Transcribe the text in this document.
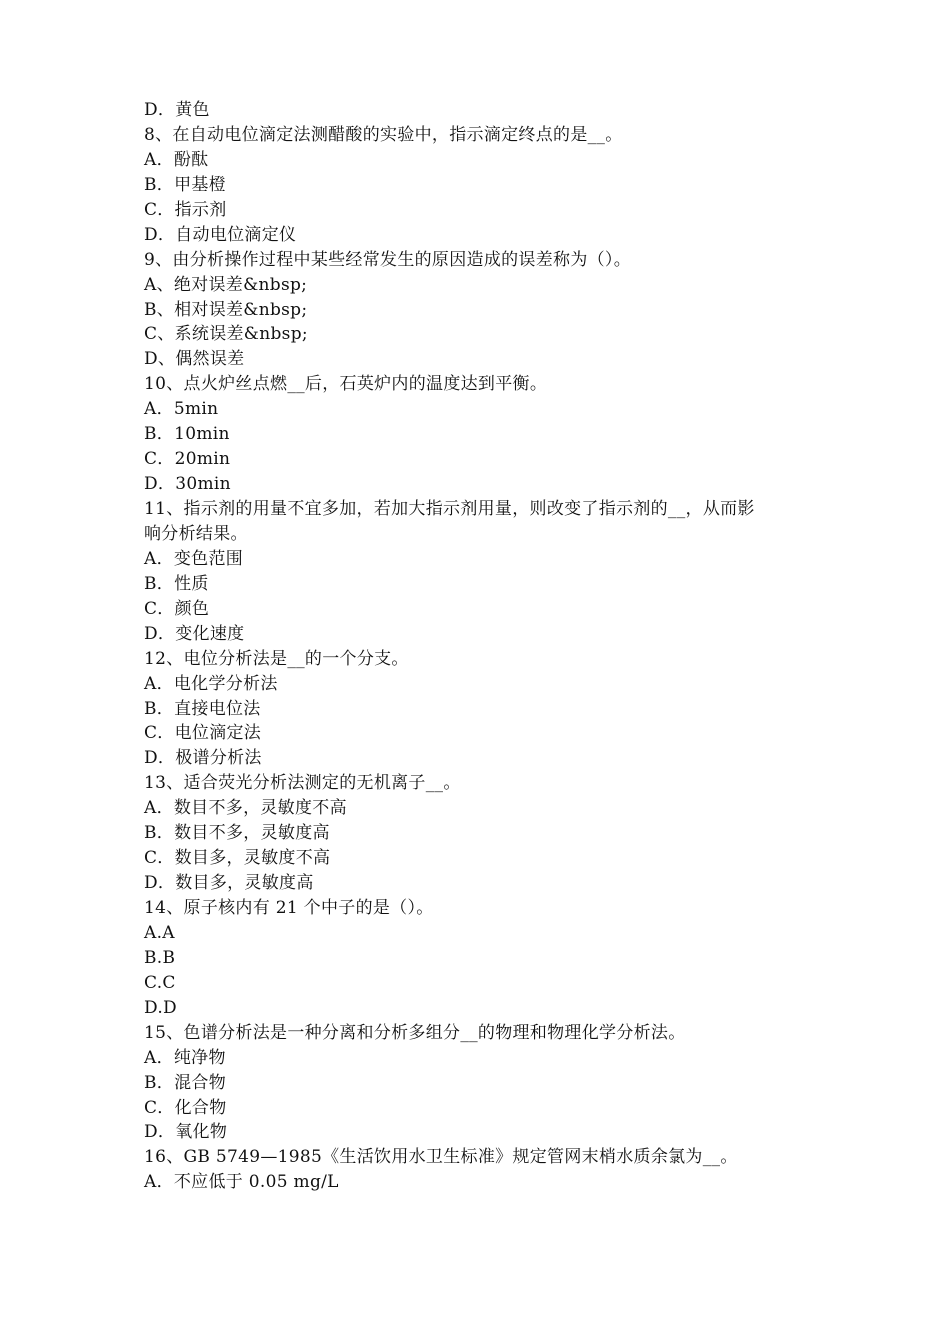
D．黄色
8、在自动电位滴定法测醋酸的实验中，指示滴定终点的是__。
A．酚酞
B．甲基橙
C．指示剂
D．自动电位滴定仪
9、由分析操作过程中某些经常发生的原因造成的误差称为（）。
A、绝对误差&nbsp;
B、相对误差&nbsp;
C、系统误差&nbsp;
D、偶然误差
10、点火炉丝点燃__后，石英炉内的温度达到平衡。
A．5min
B．10min
C．20min
D．30min
11、指示剂的用量不宜多加，若加大指示剂用量，则改变了指示剂的__，从而影
响分析结果。
A．变色范围
B．性质
C．颜色
D．变化速度
12、电位分析法是__的一个分支。
A．电化学分析法
B．直接电位法
C．电位滴定法
D．极谱分析法
13、适合荧光分析法测定的无机离子__。
A．数目不多，灵敏度不高
B．数目不多，灵敏度高
C．数目多，灵敏度不高
D．数目多，灵敏度高
14、原子核内有 21 个中子的是（）。
A.A
B.B
C.C
D.D
15、色谱分析法是一种分离和分析多组分__的物理和物理化学分析法。
A．纯净物
B．混合物
C．化合物
D．氧化物
16、GB 5749—1985《生活饮用水卫生标准》规定管网末梢水质余氯为__。
A．不应低于 0.05 mg/L
